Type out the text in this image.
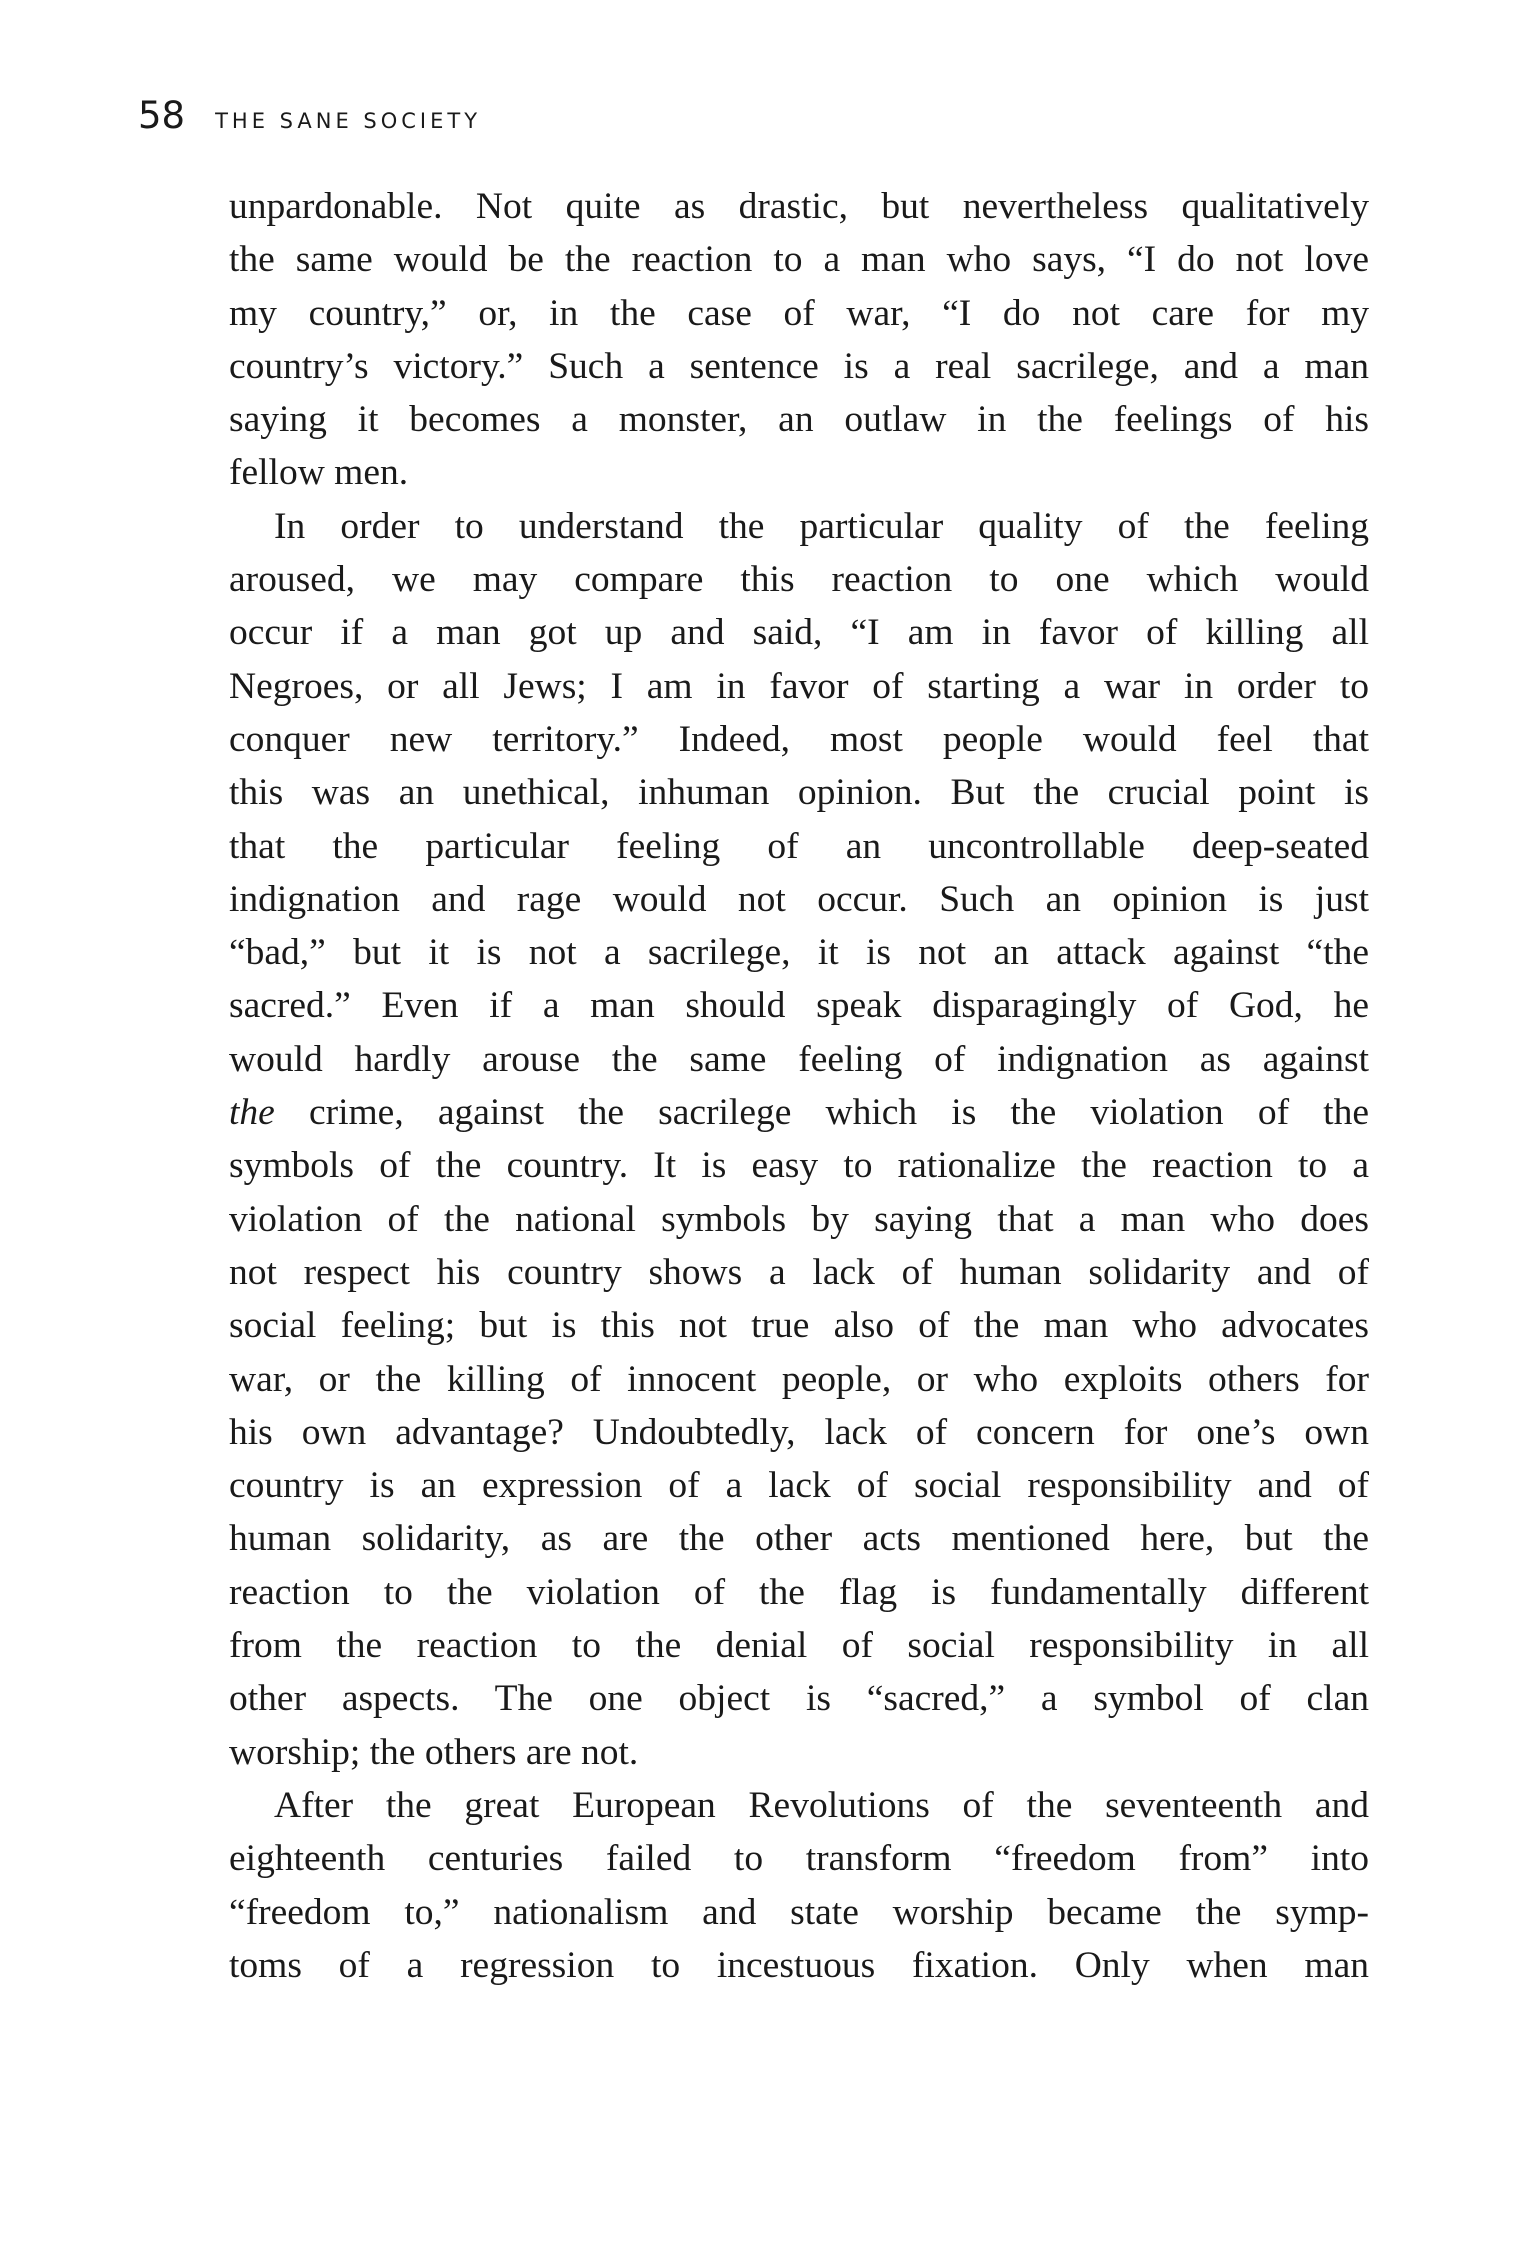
58 THE SANE SOCIETY
unpardonable. Not quite as drastic, but nevertheless qualitatively
the same would be the reaction to a man who says, “I do not love
my country,” or, in the case of war, “I do not care for my
country’s victory.” Such a sentence is a real sacrilege, and a man
saying it becomes a monster, an outlaw in the feelings of his
fellow men.
In order to understand the particular quality of the feeling
aroused, we may compare this reaction to one which would
occur if a man got up and said, “I am in favor of killing all
Negroes, or all Jews; I am in favor of starting a war in order to
conquer new territory.” Indeed, most people would feel that
this was an unethical, inhuman opinion. But the crucial point is
that the particular feeling of an uncontrollable deep-seated
indignation and rage would not occur. Such an opinion is just
“bad,” but it is not a sacrilege, it is not an attack against “the
sacred.” Even if a man should speak disparagingly of God, he
would hardly arouse the same feeling of indignation as against
the crime, against the sacrilege which is the violation of the
symbols of the country. It is easy to rationalize the reaction to a
violation of the national symbols by saying that a man who does
not respect his country shows a lack of human solidarity and of
social feeling; but is this not true also of the man who advocates
war, or the killing of innocent people, or who exploits others for
his own advantage? Undoubtedly, lack of concern for one’s own
country is an expression of a lack of social responsibility and of
human solidarity, as are the other acts mentioned here, but the
reaction to the violation of the flag is fundamentally different
from the reaction to the denial of social responsibility in all
other aspects. The one object is “sacred,” a symbol of clan
worship; the others are not.
After the great European Revolutions of the seventeenth and
eighteenth centuries failed to transform “freedom from” into
“freedom to,” nationalism and state worship became the symp-
toms of a regression to incestuous fixation. Only when man
